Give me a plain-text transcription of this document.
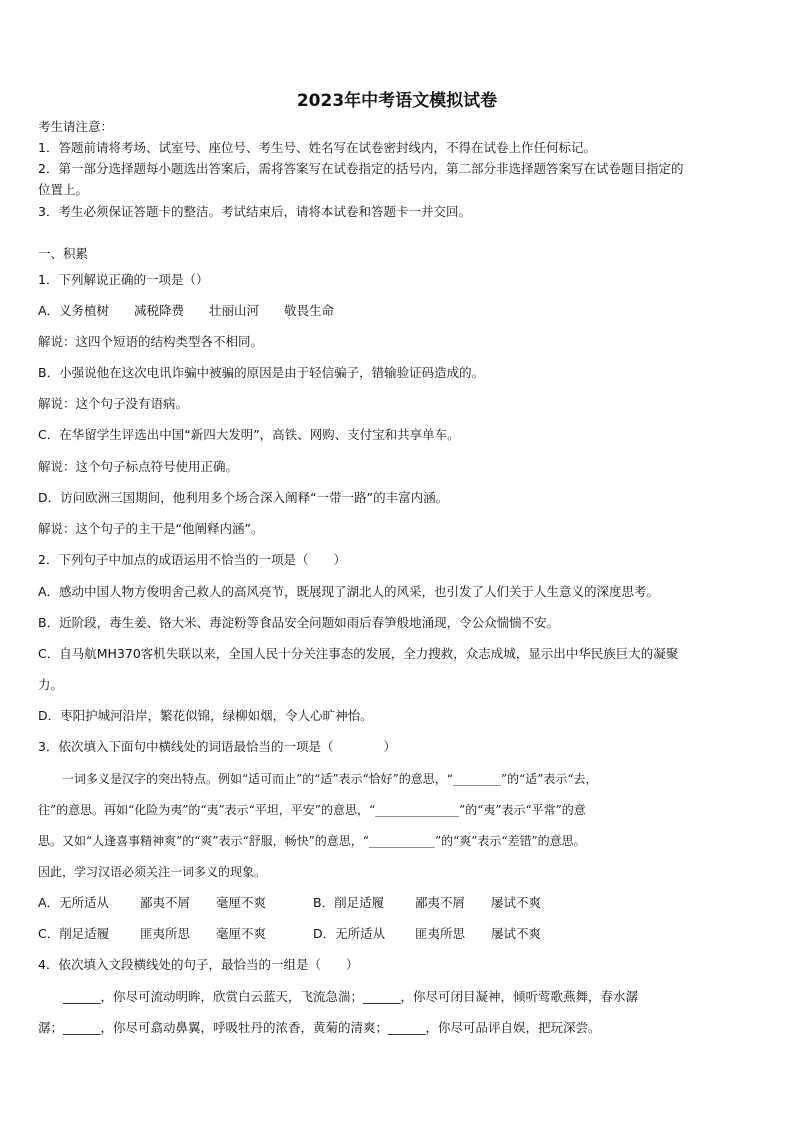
2023年中考语文模拟试卷
考生请注意：
1．答题前请将考场、试室号、座位号、考生号、姓名写在试卷密封线内，不得在试卷上作任何标记。
2．第一部分选择题每小题选出答案后，需将答案写在试卷指定的括号内，第二部分非选择题答案写在试卷题目指定的
位置上。
3．考生必须保证答题卡的整洁。考试结束后，请将本试卷和答题卡一并交回。
一、积累
1．下列解说正确的一项是（）
A．义务植树　　减税降费　　壮丽山河　　敬畏生命
解说：这四个短语的结构类型各不相同。
B．小强说他在这次电讯诈骗中被骗的原因是由于轻信骗子，错输验证码造成的。
解说：这个句子没有语病。
C．在华留学生评选出中国“新四大发明”，高铁、网购、支付宝和共享单车。
解说：这个句子标点符号使用正确。
D．访问欧洲三国期间，他利用多个场合深入阐释“一带一路”的丰富内涵。
解说：这个句子的主干是“他阐释内涵”。
2．下列句子中加点的成语运用不恰当的一项是（　　）
A．感动中国人物方俊明舍己救人的高风亮节，既展现了湖北人的风采，也引发了人们关于人生意义的深度思考。
B．近阶段，毒生姜、铬大米、毒淀粉等食品安全问题如雨后春笋般地涌现，令公众惴惴不安。
C．自马航MH370客机失联以来，全国人民十分关注事态的发展，全力搜救，众志成城，显示出中华民族巨大的凝聚
力。
D．枣阳护城河沿岸，繁花似锦，绿柳如烟，令人心旷神怡。
3．依次填入下面句中横线处的词语最恰当的一项是（　　　　）
　　一词多义是汉字的突出特点。例如“适可而止”的“适”表示“恰好”的意思，“________”的“适”表示“去，
往”的意思。再如“化险为夷”的“夷”表示“平坦，平安”的意思，“______________”的“夷”表示“平常”的意
思。又如“人逢喜事精神爽”的“爽”表示“舒服，畅快”的意思，“___________”的“爽”表示“差错”的意思。
因此，学习汉语必须关注一词多义的现象。
A．无所适从 鄙夷不屑 毫厘不爽	B．削足适履 鄙夷不屑 屡试不爽
C．削足适履 匪夷所思 毫厘不爽	D．无所适从 匪夷所思 屡试不爽
4．依次填入文段横线处的句子，最恰当的一组是（　　）
　　______，你尽可流动明眸，欣赏白云蓝天，飞流急湍；______，你尽可闭目凝神，倾听莺歌燕舞，春水潺
潺；______，你尽可翕动鼻翼，呼吸牡丹的浓香，黄菊的清爽；______，你尽可品评自娱，把玩深尝。
